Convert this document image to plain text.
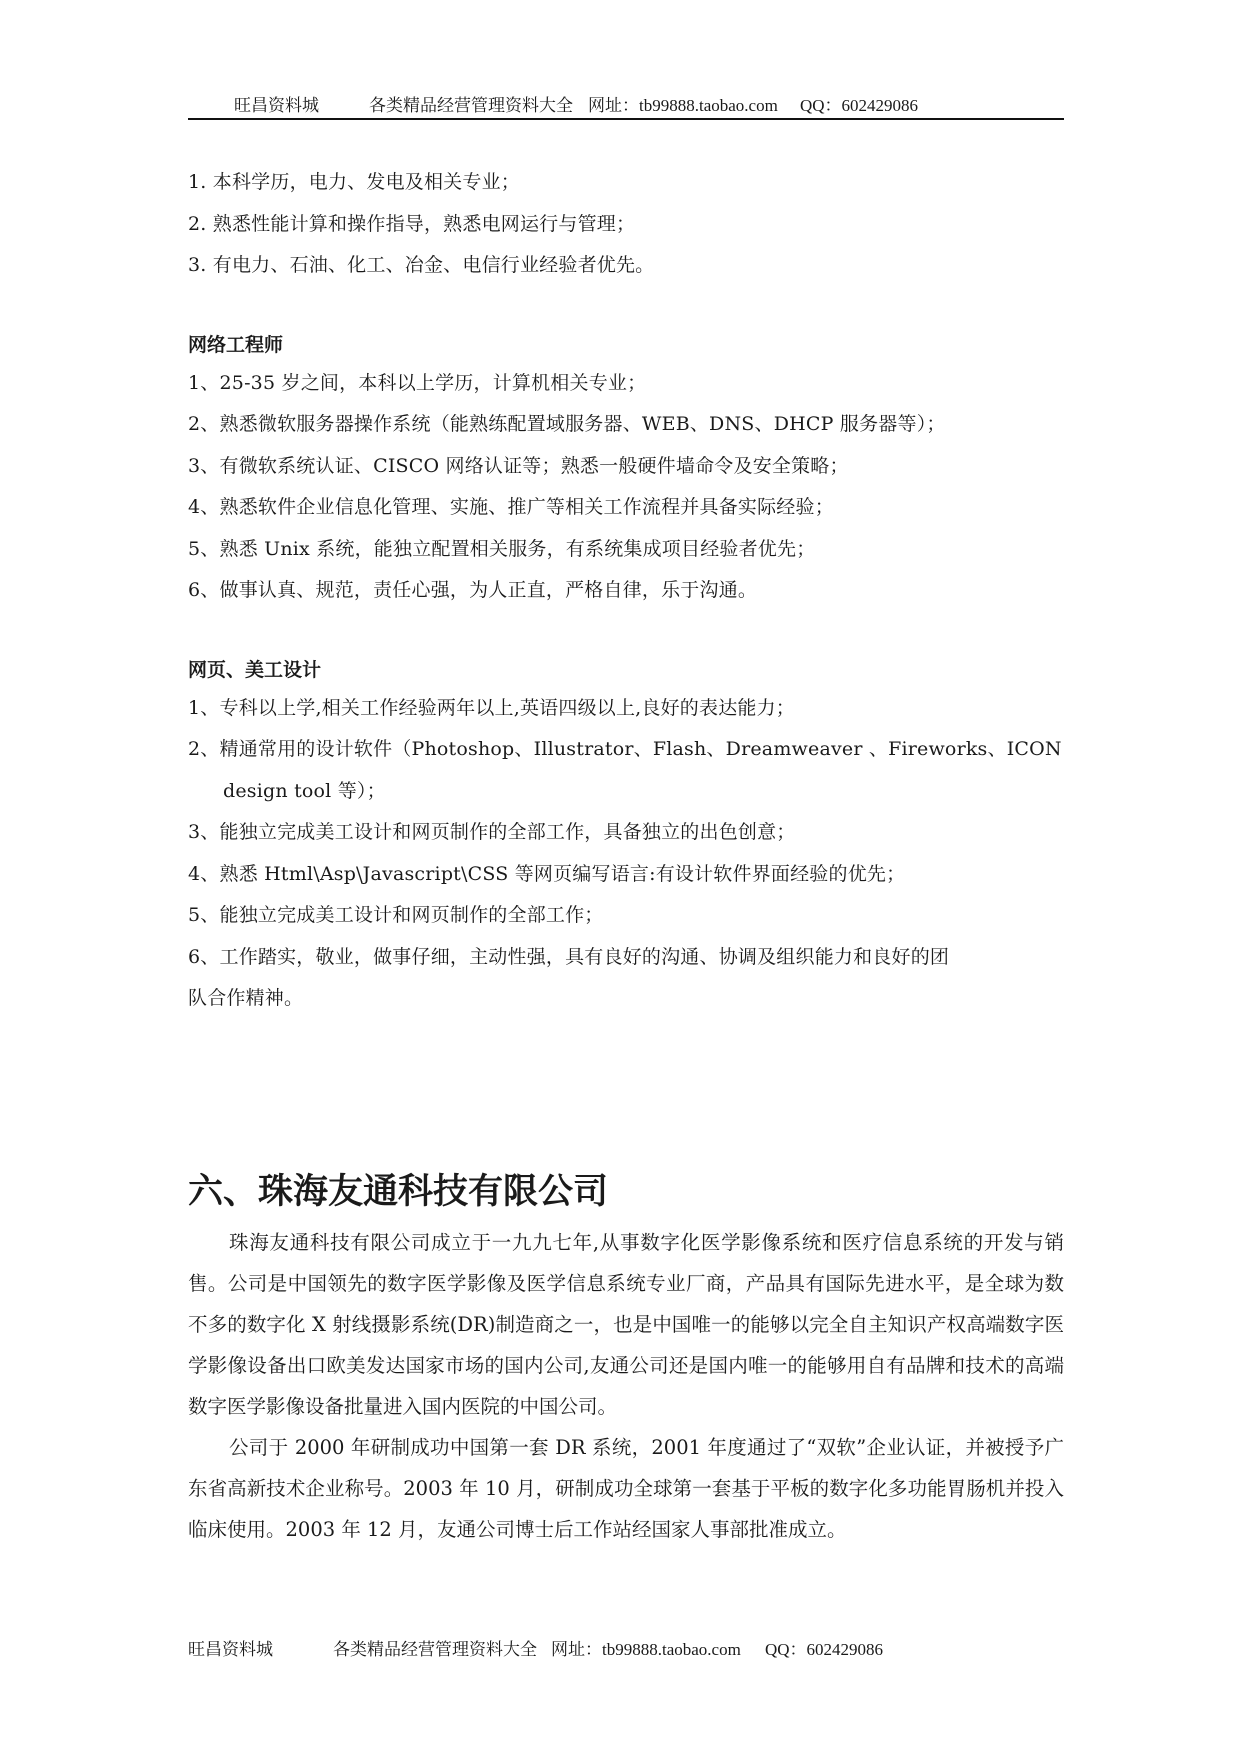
旺昌资料城	各类精品经营管理资料大全 网址：tb99888.taobao.com QQ：602429086
1. 本科学历，电力、发电及相关专业；
2. 熟悉性能计算和操作指导，熟悉电网运行与管理；
3. 有电力、石油、化工、冶金、电信行业经验者优先。
网络工程师
1、25-35 岁之间，本科以上学历，计算机相关专业；
2、熟悉微软服务器操作系统（能熟练配置域服务器、WEB、DNS、DHCP 服务器等）；
3、有微软系统认证、CISCO 网络认证等；熟悉一般硬件墙命令及安全策略；
4、熟悉软件企业信息化管理、实施、推广等相关工作流程并具备实际经验；
5、熟悉 Unix 系统，能独立配置相关服务，有系统集成项目经验者优先；
6、做事认真、规范，责任心强，为人正直，严格自律，乐于沟通。
网页、美工设计
1、专科以上学,相关工作经验两年以上,英语四级以上,良好的表达能力；
2、精通常用的设计软件（Photoshop、Illustrator、Flash、Dreamweaver 、Fireworks、ICON
design tool 等）；
3、能独立完成美工设计和网页制作的全部工作，具备独立的出色创意；
4、熟悉 Html\Asp\Javascript\CSS 等网页编写语言:有设计软件界面经验的优先；
5、能独立完成美工设计和网页制作的全部工作；
6、工作踏实，敬业，做事仔细，主动性强，具有良好的沟通、协调及组织能力和良好的团
队合作精神。
六、珠海友通科技有限公司
珠海友通科技有限公司成立于一九九七年,从事数字化医学影像系统和医疗信息系统的开发与销售。公司是中国领先的数字医学影像及医学信息系统专业厂商，产品具有国际先进水平，是全球为数不多的数字化 X 射线摄影系统(DR)制造商之一，也是中国唯一的能够以完全自主知识产权高端数字医学影像设备出口欧美发达国家市场的国内公司,友通公司还是国内唯一的能够用自有品牌和技术的高端数字医学影像设备批量进入国内医院的中国公司。
公司于 2000 年研制成功中国第一套 DR 系统，2001 年度通过了“双软”企业认证，并被授予广东省高新技术企业称号。2003 年 10 月，研制成功全球第一套基于平板的数字化多功能胃肠机并投入临床使用。2003 年 12 月，友通公司博士后工作站经国家人事部批准成立。
旺昌资料城	各类精品经营管理资料大全 网址：tb99888.taobao.com QQ：602429086
